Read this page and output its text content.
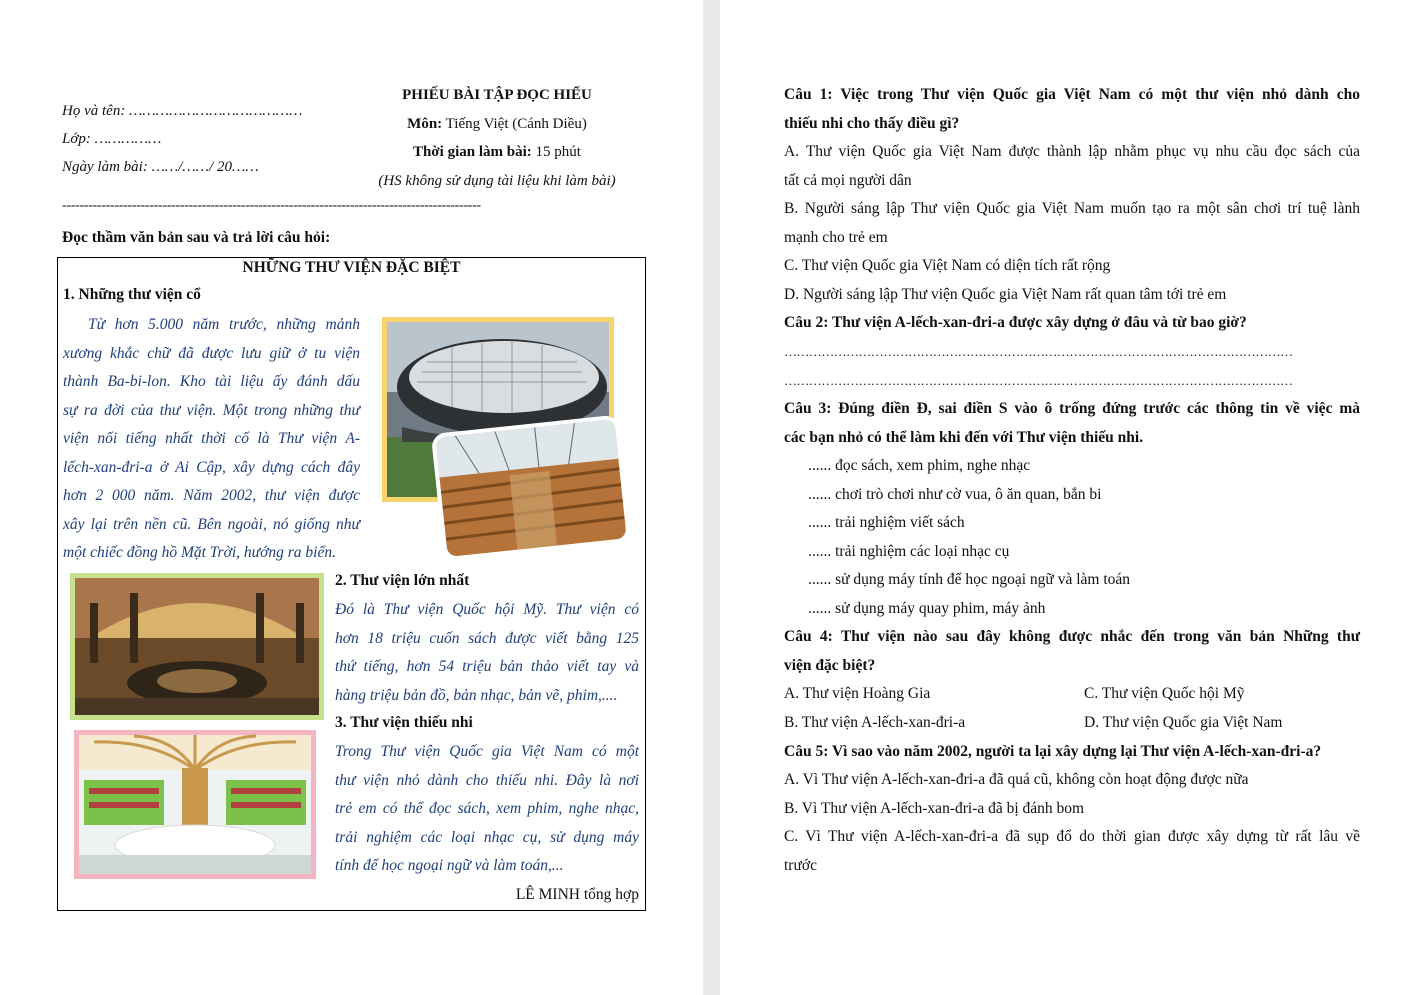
Họ và tên: …………………………………
Lớp: ……………
Ngày làm bài: ……/……/ 20……
PHIẾU BÀI TẬP ĐỌC HIỂU
Môn: Tiếng Việt (Cánh Diều)
Thời gian làm bài: 15 phút
(HS không sử dụng tài liệu khi làm bài)
------------------------------------------------------------------------------------------------
Đọc thầm văn bản sau và trả lời câu hỏi:
NHỮNG THƯ VIỆN ĐẶC BIỆT
1. Những thư viện cổ
Từ hơn 5.000 năm trước, những mảnh
xương khắc chữ đã được lưu giữ ở tu viện
thành Ba-bi-lon. Kho tài liệu ấy đánh dấu
sự ra đời của thư viện. Một trong những thư
viện nổi tiếng nhất thời cổ là Thư viện A-
lếch-xan-đri-a ở Ai Cập, xây dựng cách đây
hơn 2 000 năm. Năm 2002, thư viện được
xây lại trên nền cũ. Bên ngoài, nó giống như
một chiếc đồng hồ Mặt Trời, hướng ra biển.
2. Thư viện lớn nhất
Đó là Thư viện Quốc hội Mỹ. Thư viện có
hơn 18 triệu cuốn sách được viết bằng 125
thứ tiếng, hơn 54 triệu bản thảo viết tay và
hàng triệu bản đồ, bản nhạc, bản vẽ, phim,....
3. Thư viện thiếu nhi
Trong Thư viện Quốc gia Việt Nam có một
thư viện nhỏ dành cho thiếu nhi. Đây là nơi
trẻ em có thể đọc sách, xem phim, nghe nhạc,
trải nghiệm các loại nhạc cụ, sử dụng máy
tính để học ngoại ngữ và làm toán,...
LÊ MINH tổng hợp
Câu 1: Việc trong Thư viện Quốc gia Việt Nam có một thư viện nhỏ dành cho
thiếu nhi cho thấy điều gì?
A. Thư viện Quốc gia Việt Nam được thành lập nhằm phục vụ nhu cầu đọc sách của
tất cả mọi người dân
B. Người sáng lập Thư viện Quốc gia Việt Nam muốn tạo ra một sân chơi trí tuệ lành
mạnh cho trẻ em
C. Thư viện Quốc gia Việt Nam có diện tích rất rộng
D. Người sáng lập Thư viện Quốc gia Việt Nam rất quan tâm tới trẻ em
Câu 2: Thư viện A-lếch-xan-đri-a được xây dựng ở đâu và từ bao giờ?
……………………………………………………………………………………………………………
……………………………………………………………………………………………………………
Câu 3: Đúng điền Đ, sai điền S vào ô trống đứng trước các thông tin về việc mà
các bạn nhỏ có thể làm khi đến với Thư viện thiếu nhi.
...... đọc sách, xem phim, nghe nhạc
...... chơi trò chơi như cờ vua, ô ăn quan, bắn bi
...... trải nghiệm viết sách
...... trải nghiệm các loại nhạc cụ
...... sử dụng máy tính để học ngoại ngữ và làm toán
...... sử dụng máy quay phim, máy ảnh
Câu 4: Thư viện nào sau đây không được nhắc đến trong văn bản Những thư
viện đặc biệt?
A. Thư viện Hoàng Gia	C. Thư viện Quốc hội Mỹ
B. Thư viện A-lếch-xan-đri-a	D. Thư viện Quốc gia Việt Nam
Câu 5: Vì sao vào năm 2002, người ta lại xây dựng lại Thư viện A-lếch-xan-đri-a?
A. Vì Thư viện A-lếch-xan-đri-a đã quá cũ, không còn hoạt động được nữa
B. Vì Thư viện A-lếch-xan-đri-a đã bị đánh bom
C. Vì Thư viện A-lếch-xan-đri-a đã sụp đổ do thời gian được xây dựng từ rất lâu về
trước
